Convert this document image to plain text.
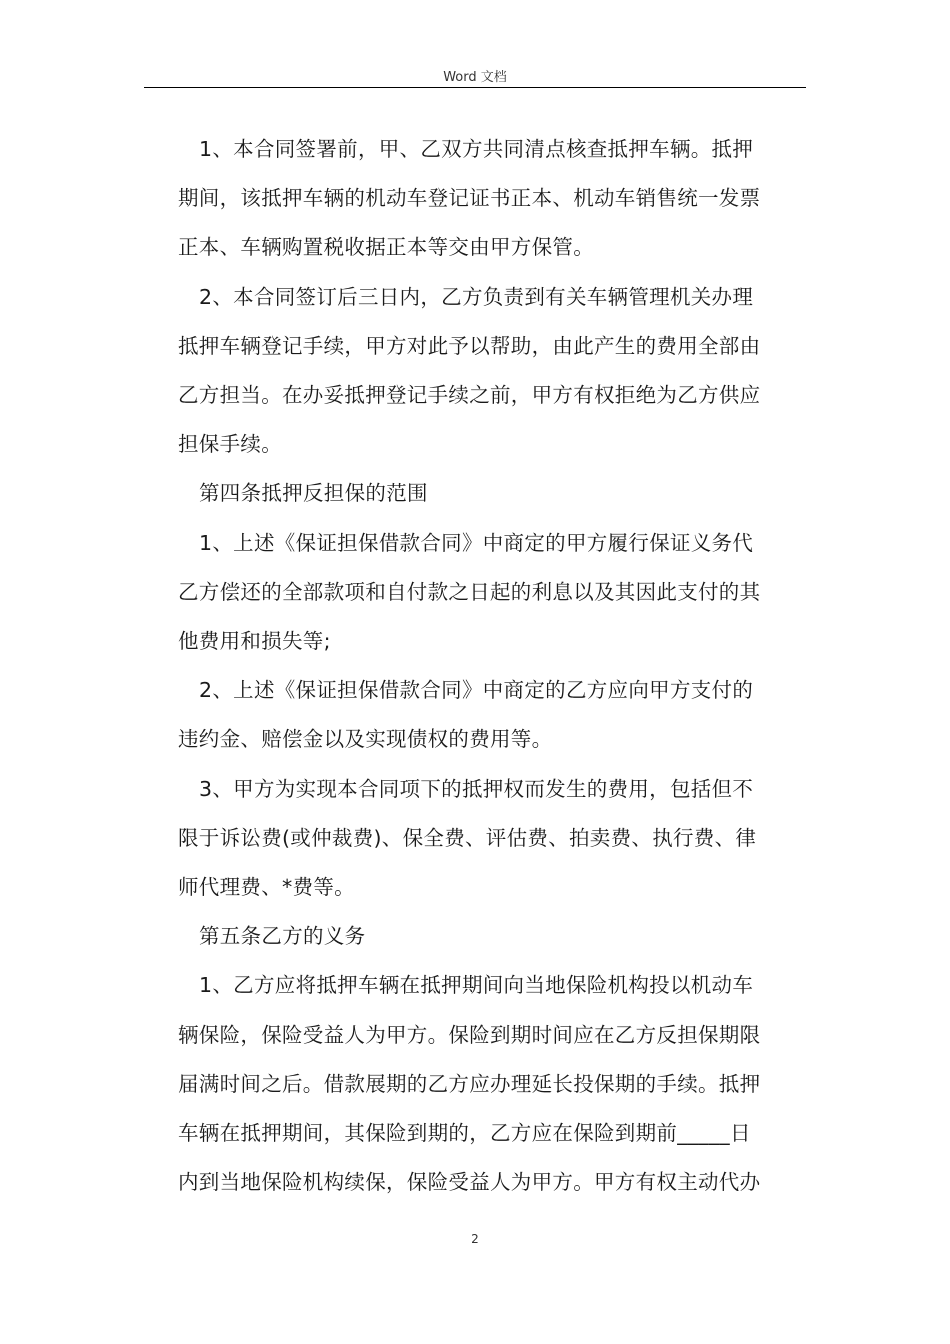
Word 文档

1、本合同签署前，甲、乙双方共同清点核查抵押车辆。抵押
期间，该抵押车辆的机动车登记证书正本、机动车销售统一发票
正本、车辆购置税收据正本等交由甲方保管。

2、本合同签订后三日内，乙方负责到有关车辆管理机关办理
抵押车辆登记手续，甲方对此予以帮助，由此产生的费用全部由
乙方担当。在办妥抵押登记手续之前，甲方有权拒绝为乙方供应
担保手续。

第四条抵押反担保的范围

1、上述《保证担保借款合同》中商定的甲方履行保证义务代
乙方偿还的全部款项和自付款之日起的利息以及其因此支付的其
他费用和损失等;

2、上述《保证担保借款合同》中商定的乙方应向甲方支付的
违约金、赔偿金以及实现债权的费用等。

3、甲方为实现本合同项下的抵押权而发生的费用，包括但不
限于诉讼费(或仲裁费)、保全费、评估费、拍卖费、执行费、律
师代理费、*费等。

第五条乙方的义务

1、乙方应将抵押车辆在抵押期间向当地保险机构投以机动车
辆保险，保险受益人为甲方。保险到期时间应在乙方反担保期限
届满时间之后。借款展期的乙方应办理延长投保期的手续。抵押
车辆在抵押期间，其保险到期的，乙方应在保险到期前_____日
内到当地保险机构续保，保险受益人为甲方。甲方有权主动代办

2
